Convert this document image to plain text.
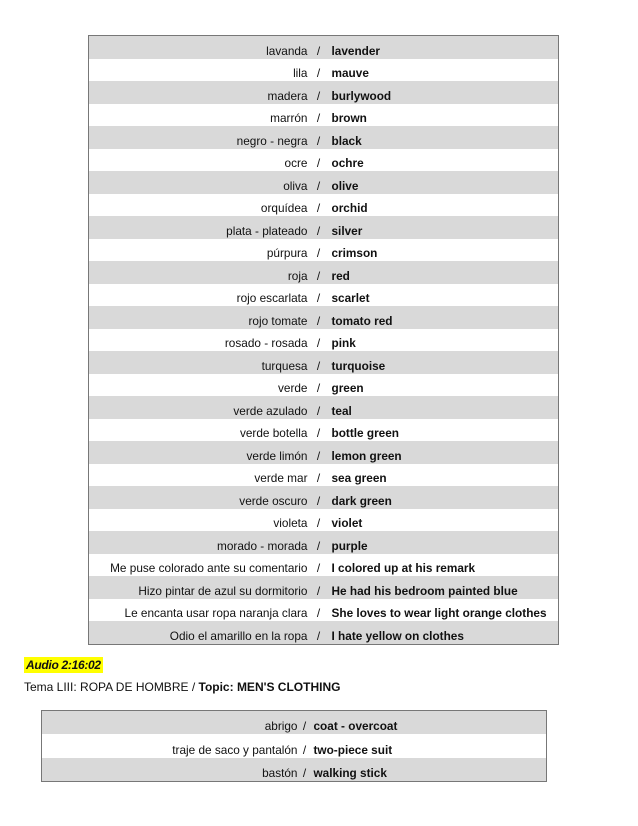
lavanda	/	lavender
lila	/	mauve
madera	/	burlywood
marrón	/	brown
negro - negra	/	black
ocre	/	ochre
oliva	/	olive
orquídea	/	orchid
plata - plateado	/	silver
púrpura	/	crimson
roja	/	red
rojo escarlata	/	scarlet
rojo tomate	/	tomato red
rosado - rosada	/	pink
turquesa	/	turquoise
verde	/	green
verde azulado	/	teal
verde botella	/	bottle green
verde limón	/	lemon green
verde mar	/	sea green
verde oscuro	/	dark green
violeta	/	violet
morado - morada	/	purple
Me puse colorado ante su comentario	/	I colored up at his remark
Hizo pintar de azul su dormitorio	/	He had his bedroom painted blue
Le encanta usar ropa naranja clara	/	She loves to wear light orange clothes
Odio el amarillo en la ropa	/	I hate yellow on clothes
Audio 2:16:02
Tema LIII: ROPA DE HOMBRE / Topic: MEN'S CLOTHING
abrigo	/	coat - overcoat
traje de saco y pantalón	/	two-piece suit
bastón	/	walking stick
